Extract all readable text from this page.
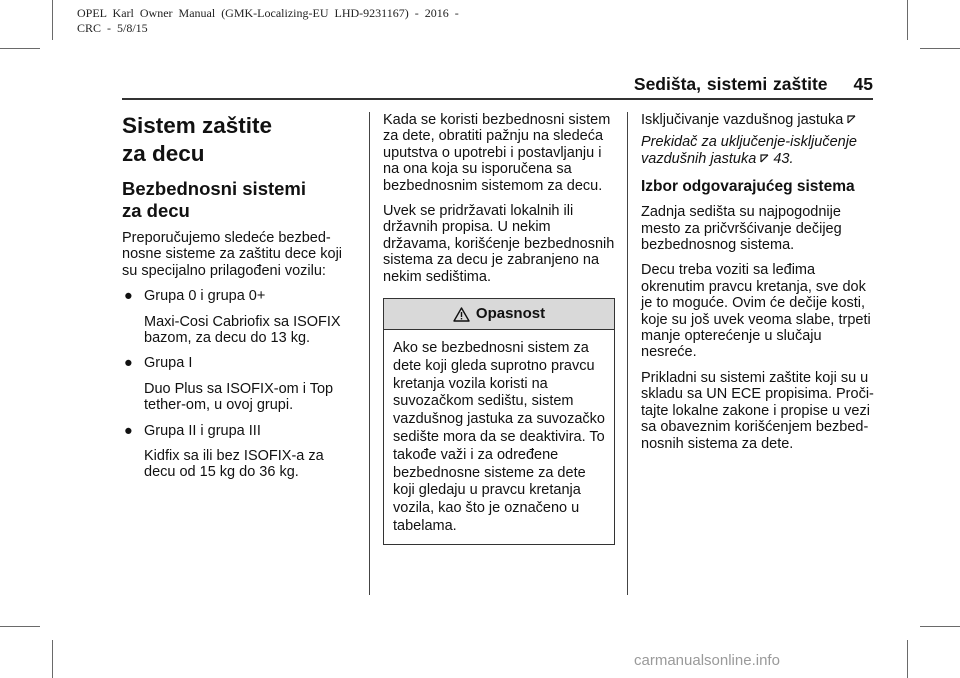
OPEL  Karl  Owner  Manual  (GMK-Localizing-EU  LHD-9231167)  -  2016  -
CRC  -  5/8/15
Sedišta, sistemi zaštite 45
Sistem zaštite
za decu
Bezbednosni sistemi
za decu

Preporučujemo sledeće bezbed-nosne sisteme za zaštitu dece koji su specijalno prilagođeni vozilu:

● Grupa 0 i grupa 0+

Maxi-Cosi Cabriofix sa ISOFIX bazom, za decu do 13 kg.

● Grupa I

Duo Plus sa ISOFIX-om i Top tether-om, u ovoj grupi.

● Grupa II i grupa III

Kidfix sa ili bez ISOFIX-a za decu od 15 kg do 36 kg.

Kada se koristi bezbednosni sistem za dete, obratiti pažnju na sledeća uputstva o upotrebi i postavljanju i na ona koja su isporučena sa bezbednosnim sistemom za decu.

Uvek se pridržavati lokalnih ili državnih propisa. U nekim državama, korišćenje bezbednosnih sistema za decu je zabranjeno na nekim sedištima.

Opasnost
Ako se bezbednosni sistem za dete koji gleda suprotno pravcu kretanja vozila koristi na suvozačkom sedištu, sistem vazdušnog jastuka za suvozačko sedište mora da se deaktivira. To takođe važi i za određene bezbednosne sisteme za dete koji gledaju u pravcu kretanja vozila, kao što je označeno u tabelama.

Isključivanje vazdušnog jastuka

Prekidač za uključenje-isključenje vazdušnih jastuka 43.

Izbor odgovarajućeg sistema

Zadnja sedišta su najpogodnije mesto za pričvršćivanje dečijeg bezbednosnog sistema.

Decu treba voziti sa leđima okrenutim pravcu kretanja, sve dok je to moguće. Ovim će dečije kosti, koje su još uvek veoma slabe, trpeti manje opterećenje u slučaju nesreće.

Prikladni su sistemi zaštite koji su u skladu sa UN ECE propisima. Proči-tajte lokalne zakone i propise u vezi sa obaveznim korišćenjem bezbed-nosnih sistema za dete.

carmanualsonline.info
